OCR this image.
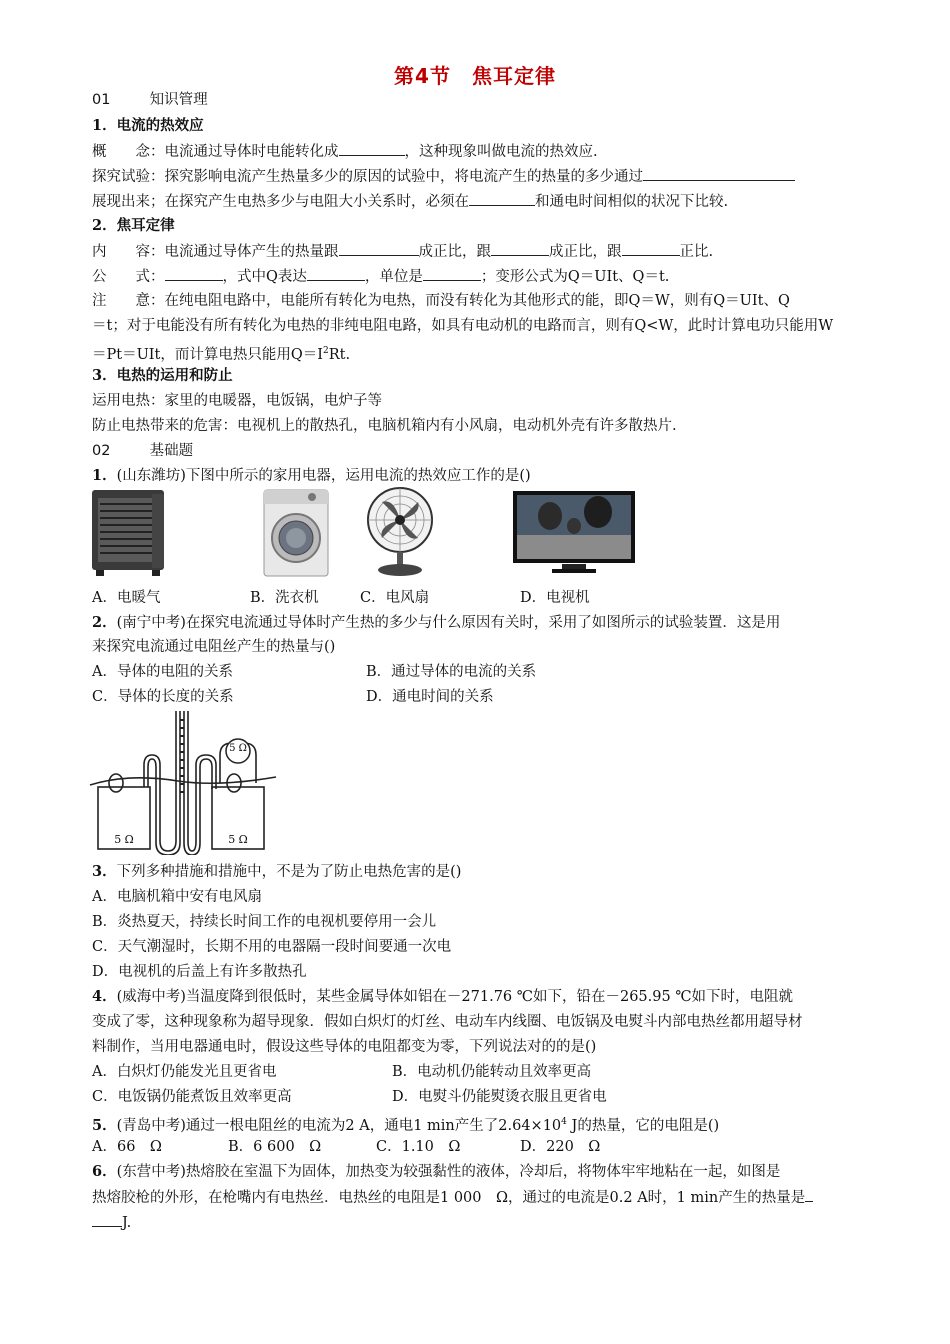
第4节　焦耳定律
01	知识管理
1．电流的热效应
概　　念：电流通过导体时电能转化成	，这种现象叫做电流的热效应.
探究试验：探究影响电流产生热量多少的原因的试验中，将电流产生的热量的多少通过
展现出来；在探究产生电热多少与电阻大小关系时，必须在	和通电时间相似的状况下比较.
2．焦耳定律
内　　容：电流通过导体产生的热量跟	成正比，跟	成正比，跟	正比.
公　　式：	，式中Q表达	，单位是	；变形公式为Q＝UIt、Q＝t.
注　　意：在纯电阻电路中，电能所有转化为电热，而没有转化为其他形式的能，即Q＝W，则有Q＝UIt、Q
＝t；对于电能没有所有转化为电热的非纯电阻电路，如具有电动机的电路而言，则有Q<W，此时计算电功只能用W
＝Pt＝UIt，而计算电热只能用$Q=I^2Rt$.
3．电热的运用和防止
运用电热：家里的电暖器，电饭锅，电炉子等
防止电热带来的危害：电视机上的散热孔，电脑机箱内有小风扇，电动机外壳有许多散热片.
02	基础题
1．(山东潍坊)下图中所示的家用电器，运用电流的热效应工作的是()
A．电暖气	B．洗衣机	C．电风扇	D．电视机
2．(南宁中考)在探究电流通过导体时产生热的多少与什么原因有关时，采用了如图所示的试验装置．这是用
来探究电流通过电阻丝产生的热量与()
A．导体的电阻的关系	B．通过导体的电流的关系
C．导体的长度的关系	D．通电时间的关系
5 Ω
5 Ω	5 Ω
3．下列多种措施和措施中，不是为了防止电热危害的是()
A．电脑机箱中安有电风扇
B．炎热夏天，持续长时间工作的电视机要停用一会儿
C．天气潮湿时，长期不用的电器隔一段时间要通一次电
D．电视机的后盖上有许多散热孔
4．(威海中考)当温度降到很低时，某些金属导体如铝在－271.76 ℃如下，铅在－265.95 ℃如下时，电阻就
变成了零，这种现象称为超导现象．假如白炽灯的灯丝、电动车内线圈、电饭锅及电熨斗内部电热丝都用超导材
料制作，当用电器通电时，假设这些导体的电阻都变为零，下列说法对的的是()
A．白炽灯仍能发光且更省电	B．电动机仍能转动且效率更高
C．电饭锅仍能煮饭且效率更高	D．电熨斗仍能熨烫衣服且更省电
5．(青岛中考)通过一根电阻丝的电流为2 A，通电1 min产生了$2.64\times 10^4$ J的热量，它的电阻是()
A．66　Ω	B．6 600　Ω	C．1.10　Ω	D．220　Ω
6．(东营中考)热熔胶在室温下为固体，加热变为较强黏性的液体，冷却后，将物体牢牢地粘在一起，如图是
热熔胶枪的外形，在枪嘴内有电热丝．电热丝的电阻是1 000　Ω，通过的电流是0.2 A时，1 min产生的热量是
J.
